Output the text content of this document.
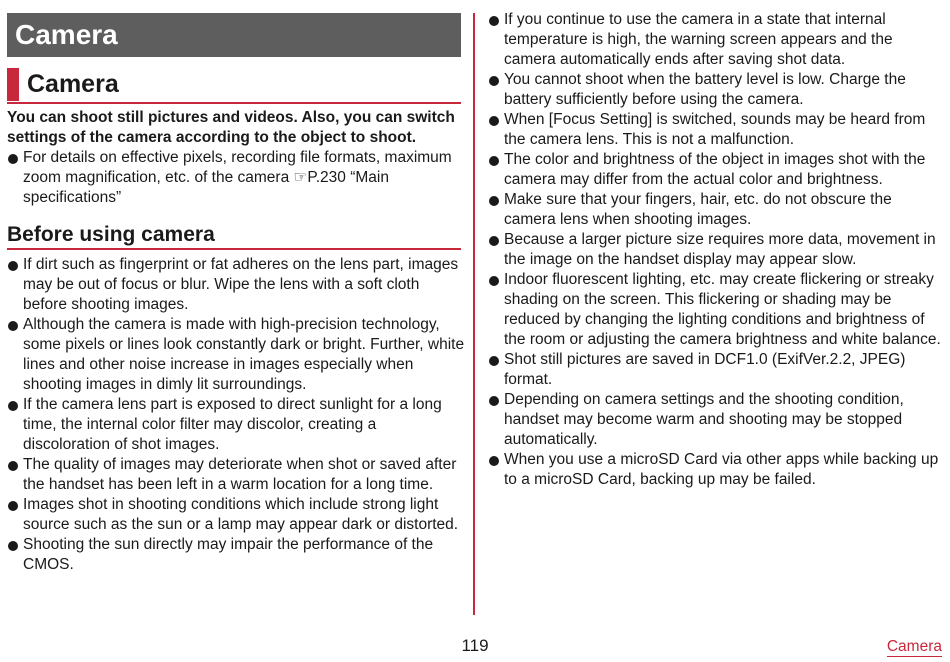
Camera
Camera

You can shoot still pictures and videos. Also, you can switch settings of the camera according to the object to shoot.

For details on effective pixels, recording file formats, maximum zoom magnification, etc. of the camera ☞P.230 “Main specifications”
Before using camera
If dirt such as fingerprint or fat adheres on the lens part, images may be out of focus or blur. Wipe the lens with a soft cloth before shooting images.
Although the camera is made with high-precision technology, some pixels or lines look constantly dark or bright. Further, white lines and other noise increase in images especially when shooting images in dimly lit surroundings.
If the camera lens part is exposed to direct sunlight for a long time, the internal color filter may discolor, creating a discoloration of shot images.
The quality of images may deteriorate when shot or saved after the handset has been left in a warm location for a long time.
Images shot in shooting conditions which include strong light source such as the sun or a lamp may appear dark or distorted.
Shooting the sun directly may impair the performance of the CMOS.
If you continue to use the camera in a state that internal temperature is high, the warning screen appears and the camera automatically ends after saving shot data.
You cannot shoot when the battery level is low. Charge the battery sufficiently before using the camera.
When [Focus Setting] is switched, sounds may be heard from the camera lens. This is not a malfunction.
The color and brightness of the object in images shot with the camera may differ from the actual color and brightness.
Make sure that your fingers, hair, etc. do not obscure the camera lens when shooting images.
Because a larger picture size requires more data, movement in the image on the handset display may appear slow.
Indoor fluorescent lighting, etc. may create flickering or streaky shading on the screen. This flickering or shading may be reduced by changing the lighting conditions and brightness of the room or adjusting the camera brightness and white balance.
Shot still pictures are saved in DCF1.0 (ExifVer.2.2, JPEG) format.
Depending on camera settings and the shooting condition, handset may become warm and shooting may be stopped automatically.
When you use a microSD Card via other apps while backing up to a microSD Card, backing up may be failed.
119	Camera
